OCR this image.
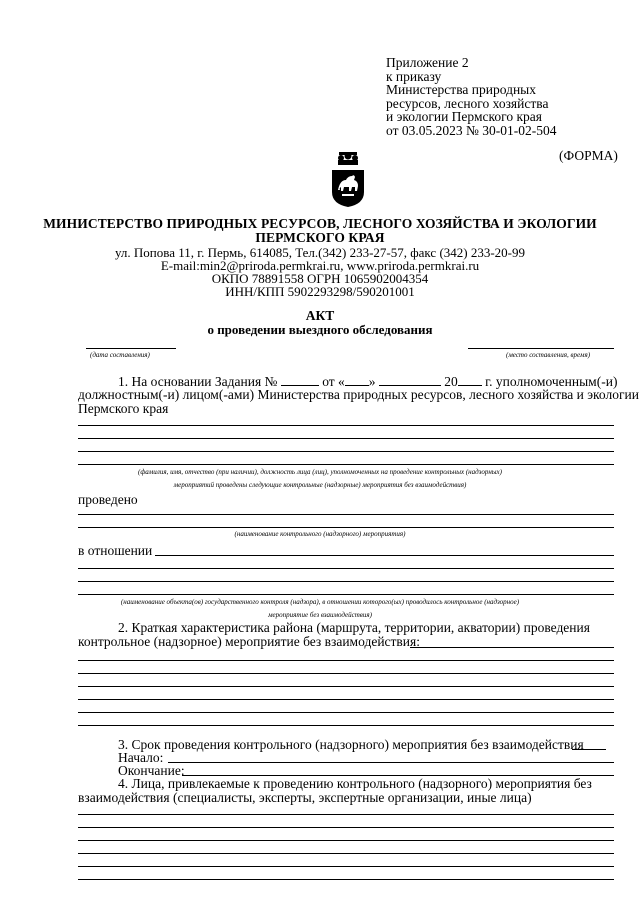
Приложение 2
к приказу
Министерства природных
ресурсов, лесного хозяйства
и экологии Пермского края
от 03.05.2023 № 30-01-02-504
(ФОРМА)
МИНИСТЕРСТВО ПРИРОДНЫХ РЕСУРСОВ, ЛЕСНОГО ХОЗЯЙСТВА И ЭКОЛОГИИ
ПЕРМСКОГО КРАЯ
ул. Попова 11, г. Пермь, 614085, Тел.(342) 233-27-57, факс (342) 233-20-99
E-mail:min2@priroda.permkrai.ru, www.priroda.permkrai.ru
ОКПО 78891558 ОГРН 1065902004354
ИНН/КПП 5902293298/590201001
АКТ
о проведении выездного обследования
(дата составления)	(место составления, время)
1. На основании Задания №	от « »	20 г. уполномоченным(-и)
должностным(-и) лицом(-ами) Министерства природных ресурсов, лесного хозяйства и экологии
Пермского края
(фамилия, имя, отчество (при наличии), должность лица (лиц), уполномоченных на проведение контрольных (надзорных)
мероприятий проведены следующие контрольные (надзорные) мероприятия без взаимодействия)
проведено
(наименование контрольного (надзорного) мероприятия)
в отношении
(наименование объекта(ов) государственного контроля (надзора), в отношении которого(ых) проводилось контрольное (надзорное)
мероприятие без взаимодействия)
2. Краткая характеристика района (маршрута, территории, акватории) проведения
контрольное (надзорное) мероприятие без взаимодействия:
3. Срок проведения контрольного (надзорного) мероприятия без взаимодействия
Начало:
Окончание:
4. Лица, привлекаемые к проведению контрольного (надзорного) мероприятия без
взаимодействия (специалисты, эксперты, экспертные организации, иные лица)
